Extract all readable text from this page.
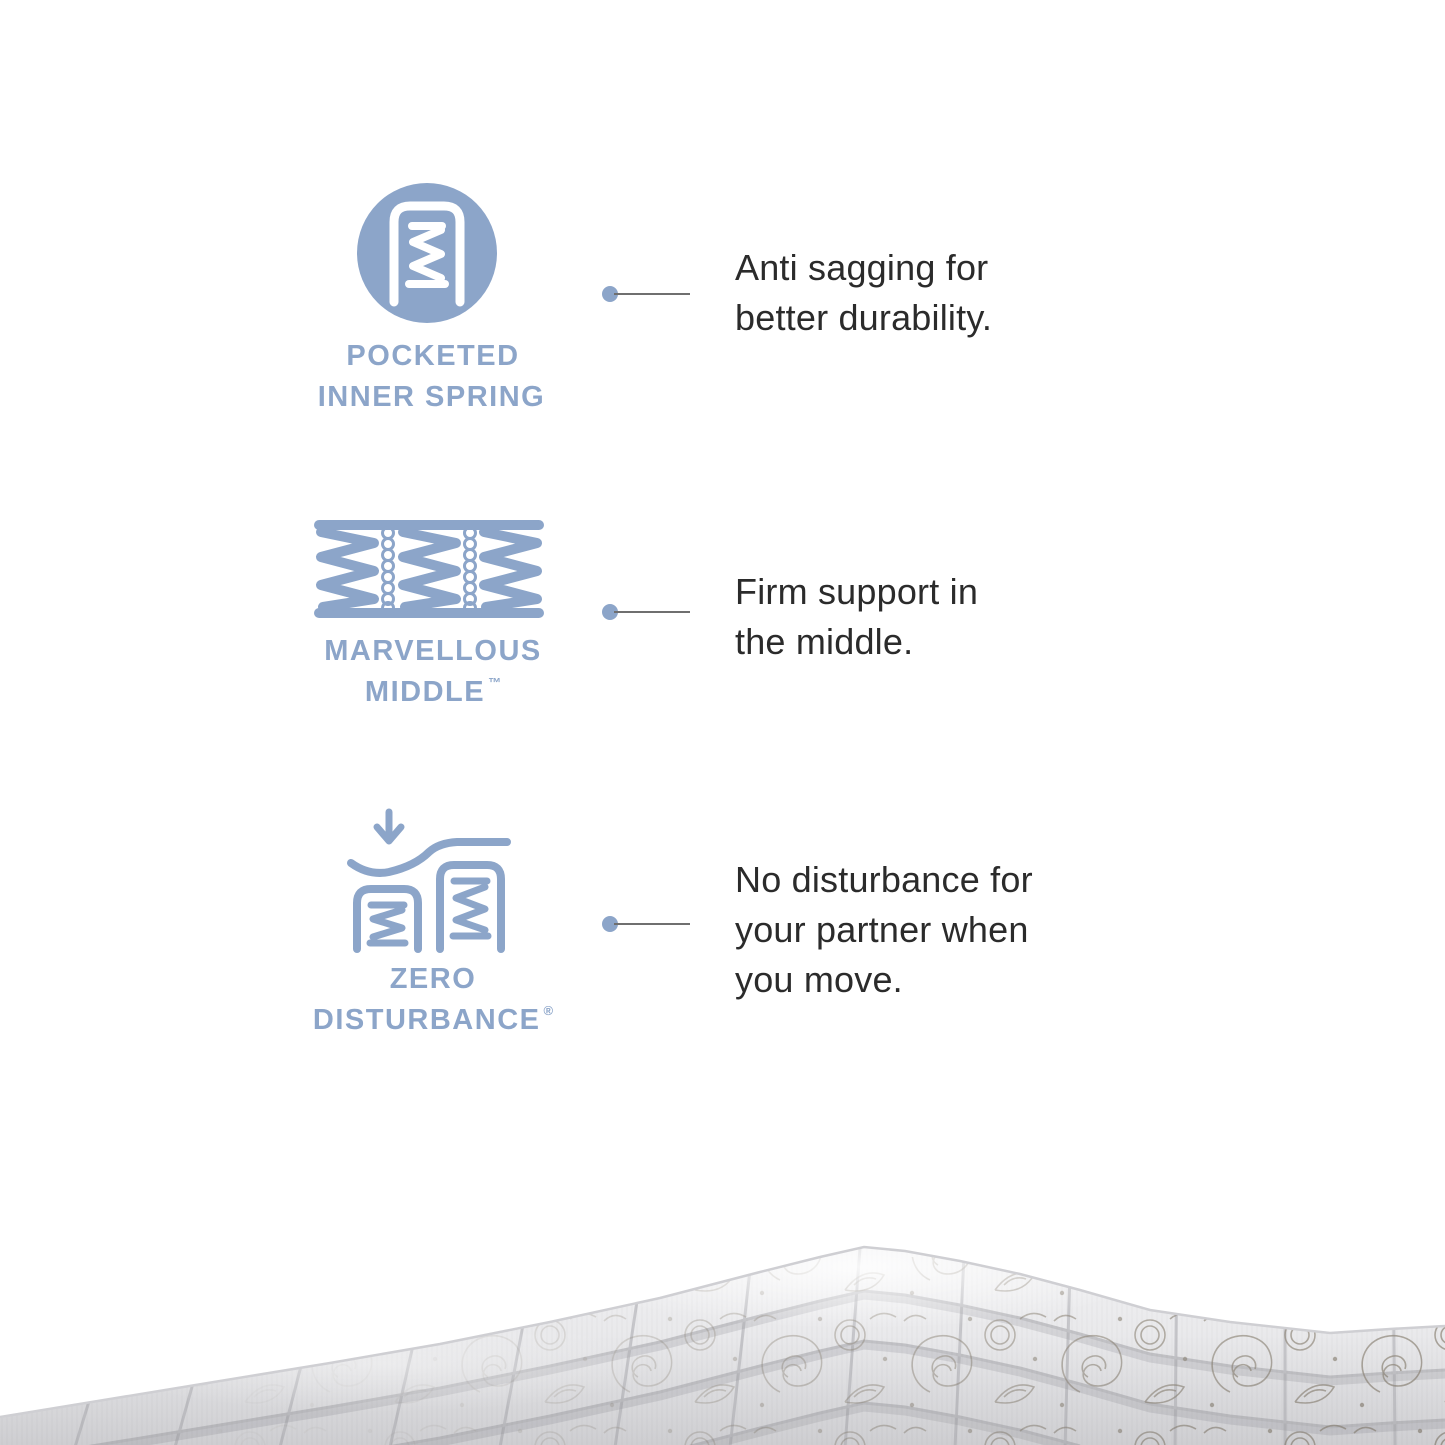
POCKETED
INNER SPRING
Anti sagging for
better durability.
MARVELLOUS
MIDDLE ™
Firm support in
the middle.
ZERO
DISTURBANCE ®
No disturbance for
your partner when
you move.
